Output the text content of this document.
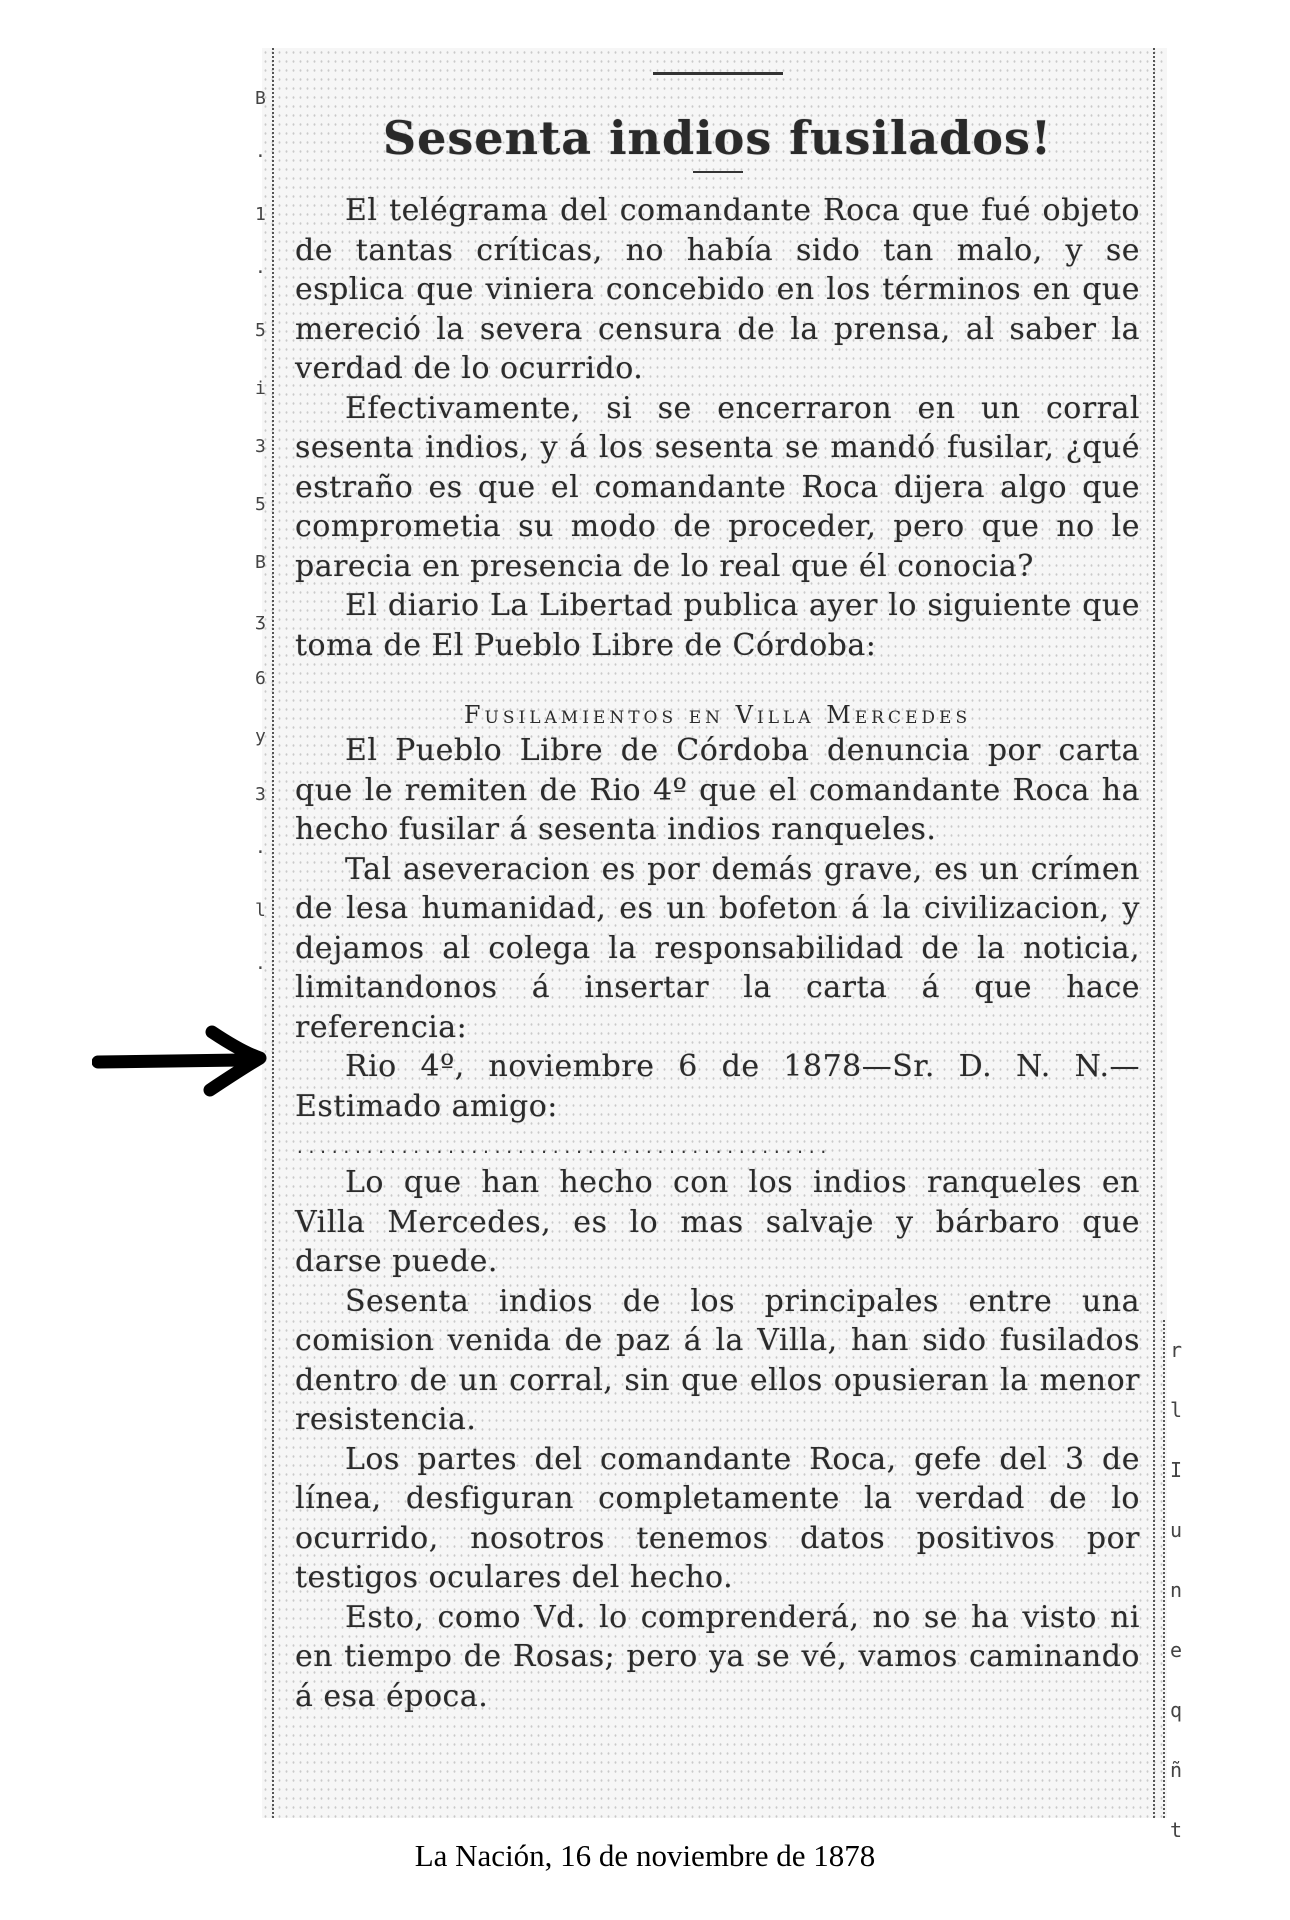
B
·
1
·
5
i
3
5
B
ʒ
6
y
3
·
l
·
r
l
I
u
n
e
q
ñ
t
Sesenta indios fusilados!

El telégrama del comandante Roca que fué objeto de tantas críticas, no había sido tan malo, y se esplica que viniera concebido en los términos en que mereció la severa censura de la prensa, al saber la verdad de lo ocurrido.

Efectivamente, si se encerraron en un corral sesenta indios, y á los sesenta se mandó fusilar, ¿qué estraño es que el comandante Roca dijera algo que comprometia su modo de proceder, pero que no le parecia en presencia de lo real que él conocia?

El diario La Libertad publica ayer lo siguiente que toma de El Pueblo Libre de Córdoba:

Fusilamientos en Villa Mercedes

El Pueblo Libre de Córdoba denuncia por carta que le remiten de Rio 4º que el comandante Roca ha hecho fusilar á sesenta indios ranqueles.

Tal aseveracion es por demás grave, es un crímen de lesa humanidad, es un bofeton á la civilizacion, y dejamos al colega la responsabilidad de la noticia, limitandonos á insertar la carta á que hace referencia:

Rio 4º, noviembre 6 de 1878—Sr. D. N. N.—Estimado amigo:

..............................................

Lo que han hecho con los indios ranqueles en Villa Mercedes, es lo mas salvaje y bárbaro que darse puede.

Sesenta indios de los principales entre una comision venida de paz á la Villa, han sido fusilados dentro de un corral, sin que ellos opusieran la menor resistencia.

Los partes del comandante Roca, gefe del 3 de línea, desfiguran completamente la verdad de lo ocurrido, nosotros tenemos datos positivos por testigos oculares del hecho.

Esto, como Vd. lo comprenderá, no se ha visto ni en tiempo de Rosas; pero ya se vé, vamos caminando á esa época.

La Nación, 16 de noviembre de 1878
